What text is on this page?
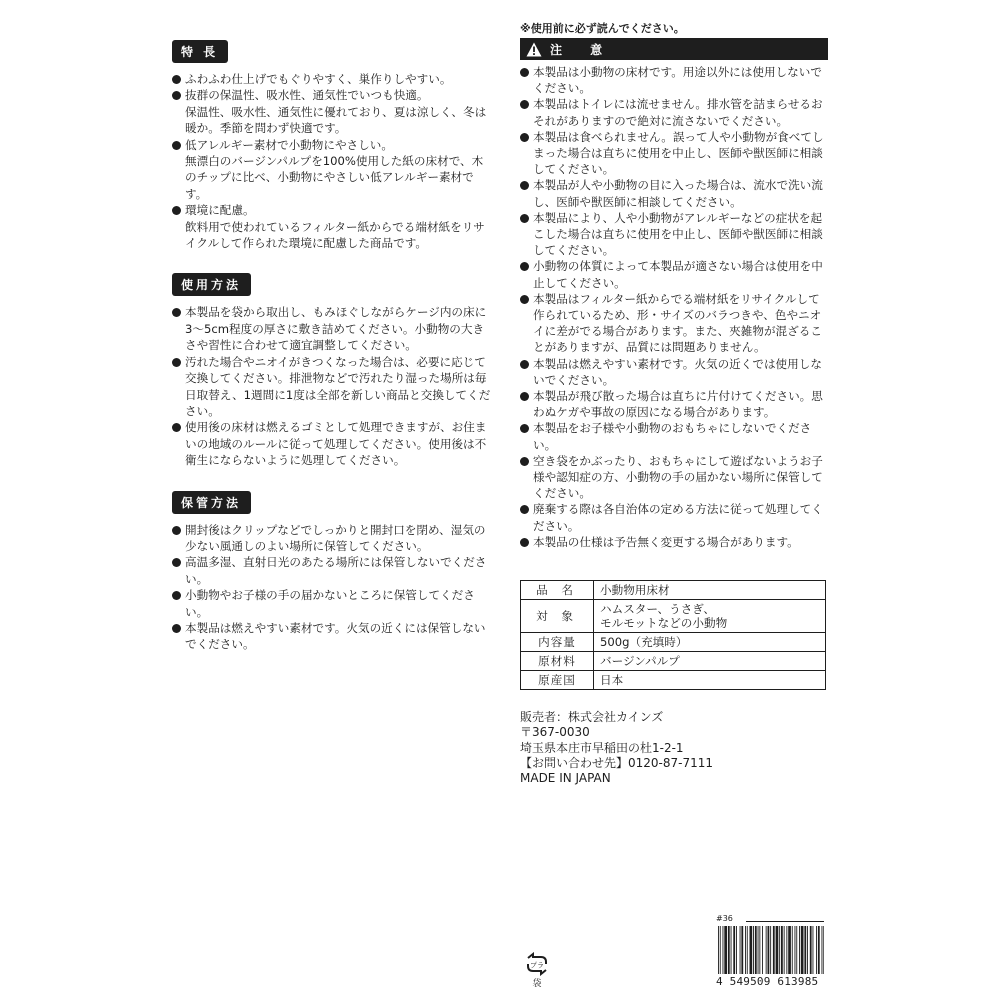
特 長
ふわふわ仕上げでもぐりやすく、巣作りしやすい。
抜群の保温性、吸水性、通気性でいつも快適。
保温性、吸水性、通気性に優れており、夏は涼しく、冬は暖か。季節を問わず快適です。
低アレルギー素材で小動物にやさしい。
無漂白のバージンパルプを100%使用した紙の床材で、木のチップに比べ、小動物にやさしい低アレルギー素材です。
環境に配慮。
飲料用で使われているフィルター紙からでる端材紙をリサイクルして作られた環境に配慮した商品です。
使用方法
本製品を袋から取出し、もみほぐしながらケージ内の床に3〜5cm程度の厚さに敷き詰めてください。小動物の大きさや習性に合わせて適宜調整してください。
汚れた場合やニオイがきつくなった場合は、必要に応じて交換してください。排泄物などで汚れたり湿った場所は毎日取替え、1週間に1度は全部を新しい商品と交換してください。
使用後の床材は燃えるゴミとして処理できますが、お住まいの地域のルールに従って処理してください。使用後は不衛生にならないように処理してください。
保管方法
開封後はクリップなどでしっかりと開封口を閉め、湿気の少ない風通しのよい場所に保管してください。
高温多湿、直射日光のあたる場所には保管しないでください。
小動物やお子様の手の届かないところに保管してください。
本製品は燃えやすい素材です。火気の近くには保管しないでください。
※使用前に必ず読んでください。
注 意
本製品は小動物の床材です。用途以外には使用しないでください。
本製品はトイレには流せません。排水管を詰まらせるおそれがありますので絶対に流さないでください。
本製品は食べられません。誤って人や小動物が食べてしまった場合は直ちに使用を中止し、医師や獣医師に相談してください。
本製品が人や小動物の目に入った場合は、流水で洗い流し、医師や獣医師に相談してください。
本製品により、人や小動物がアレルギーなどの症状を起こした場合は直ちに使用を中止し、医師や獣医師に相談してください。
小動物の体質によって本製品が適さない場合は使用を中止してください。
本製品はフィルター紙からでる端材紙をリサイクルして作られているため、形・サイズのバラつきや、色やニオイに差がでる場合があります。また、夾雑物が混ざることがありますが、品質には問題ありません。
本製品は燃えやすい素材です。火気の近くでは使用しないでください。
本製品が飛び散った場合は直ちに片付けてください。思わぬケガや事故の原因になる場合があります。
本製品をお子様や小動物のおもちゃにしないでください。
空き袋をかぶったり、おもちゃにして遊ばないようお子様や認知症の方、小動物の手の届かない場所に保管してください。
廃棄する際は各自治体の定める方法に従って処理してください。
本製品の仕様は予告無く変更する場合があります。
品 名	小動物用床材
対 象	ハムスター、うさぎ、
モルモットなどの小動物
内容量	500g（充填時）
原材料	バージンパルプ
原産国	日本
販売者：株式会社カインズ
〒367-0030
埼玉県本庄市早稲田の杜1-2-1
【お問い合わせ先】0120-87-7111
MADE IN JAPAN
#36
4 549509 613985
プラ
袋
